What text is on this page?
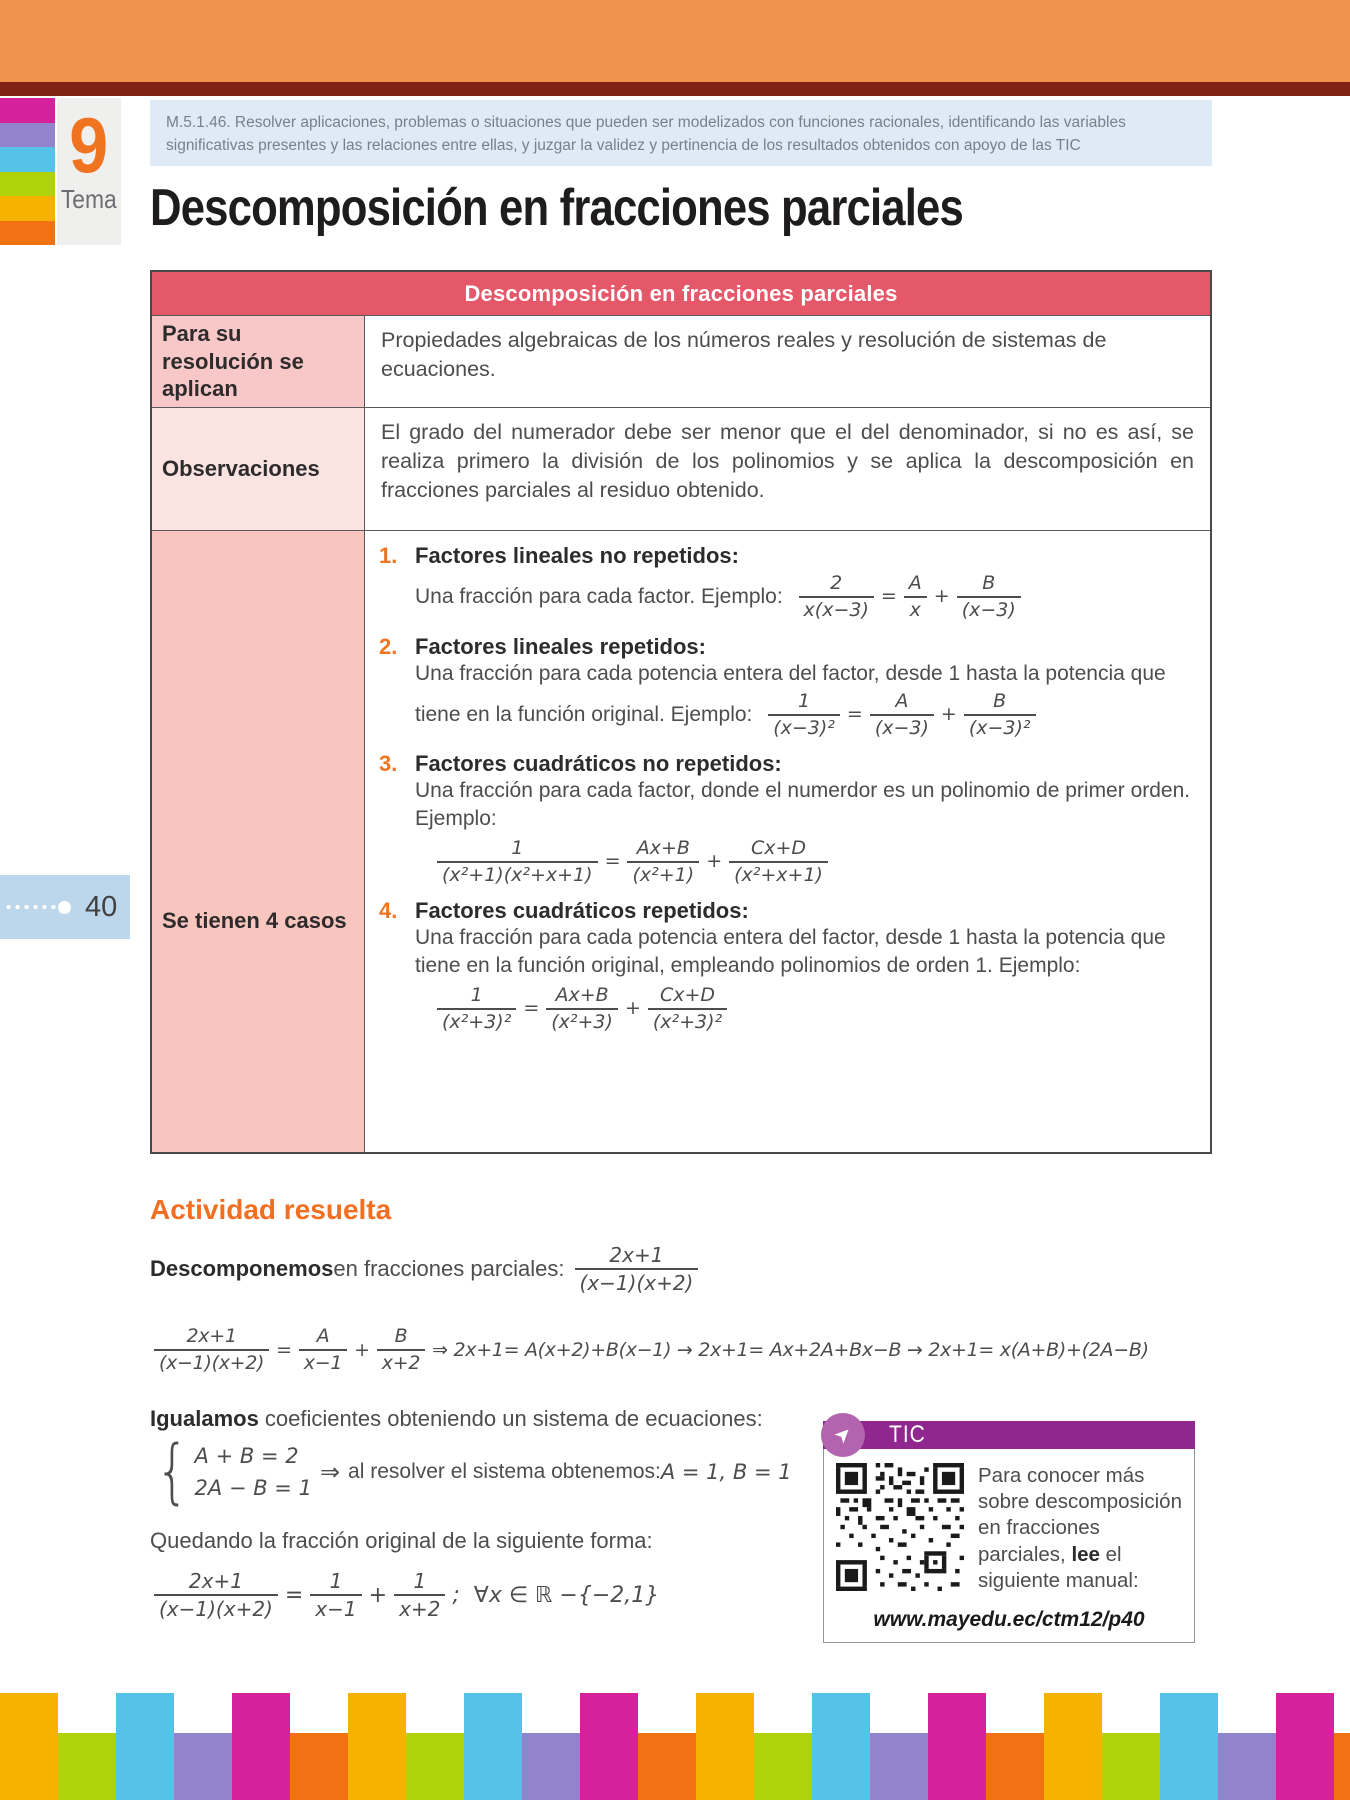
9
Tema
M.5.1.46. Resolver aplicaciones, problemas o situaciones que pueden ser modelizados con funciones racionales, identificando las variables significativas presentes y las relaciones entre ellas, y juzgar la validez y pertinencia de los resultados obtenidos con apoyo de las TIC
Descomposición en fracciones parciales
Descomposición en fracciones parciales
Para su resolución se aplican
Propiedades algebraicas de los números reales y resolución de sistemas de ecuaciones.
Observaciones
El grado del numerador debe ser menor que el del denominador, si no es así, se realiza primero la división de los polinomios y se aplica la descomposición en fracciones parciales al residuo obtenido.
Se tienen 4 casos
1. Factores lineales no repetidos:
Una fracción para cada factor. Ejemplo: $\frac{2}{x(x-3)} = \frac{A}{x} + \frac{B}{(x-3)}$
2. Factores lineales repetidos:
Una fracción para cada potencia entera del factor, desde 1 hasta la potencia que tiene en la función original. Ejemplo: $\frac{1}{\text{(x−3)²}} = \frac{A}{(x-3)} + \frac{B}{\text{(x−3)²}}$
3. Factores cuadráticos no repetidos:
Una fracción para cada factor, donde el numerdor es un polinomio de primer orden. Ejemplo:
$\frac{1}{\text{(x²+1)(x²+x+1)}} = \frac{Ax+B}{\text{(x²+1)}} + \frac{Cx+D}{\text{(x²+x+1)}}$
4. Factores cuadráticos repetidos:
Una fracción para cada potencia entera del factor, desde 1 hasta la potencia que tiene en la función original, empleando polinomios de orden 1. Ejemplo:
$\frac{1}{\text{(x²+3)²}} = \frac{Ax+B}{\text{(x²+3)}} + \frac{Cx+D}{\text{(x²+3)²}}$
40
Actividad resuelta
Descomponemos en fracciones parciales: $\frac{2x+1}{(x-1)(x+2)}$
$\frac{2x+1}{(x-1)(x+2)} = \frac{A}{x-1} + \frac{B}{x+2}$ ⇒ 2x+1= A(x+2)+B(x−1) → 2x+1= Ax+2A+Bx−B → 2x+1= x(A+B)+(2A−B)
Igualamos coeficientes obteniendo un sistema de ecuaciones:
{ A + B = 2
2A − B = 1
⇒ al resolver el sistema obtenemos: A = 1, B = 1
Quedando la fracción original de la siguiente forma:
$\frac{2x+1}{(x-1)(x+2)} = \frac{1}{x-1} + \frac{1}{x+2}$ ;  ∀x ∈ ℝ −{−2,1}
➤ TIC
Para conocer más sobre descomposición en fracciones parciales, lee el siguiente manual:
www.mayedu.ec/ctm12/p40
